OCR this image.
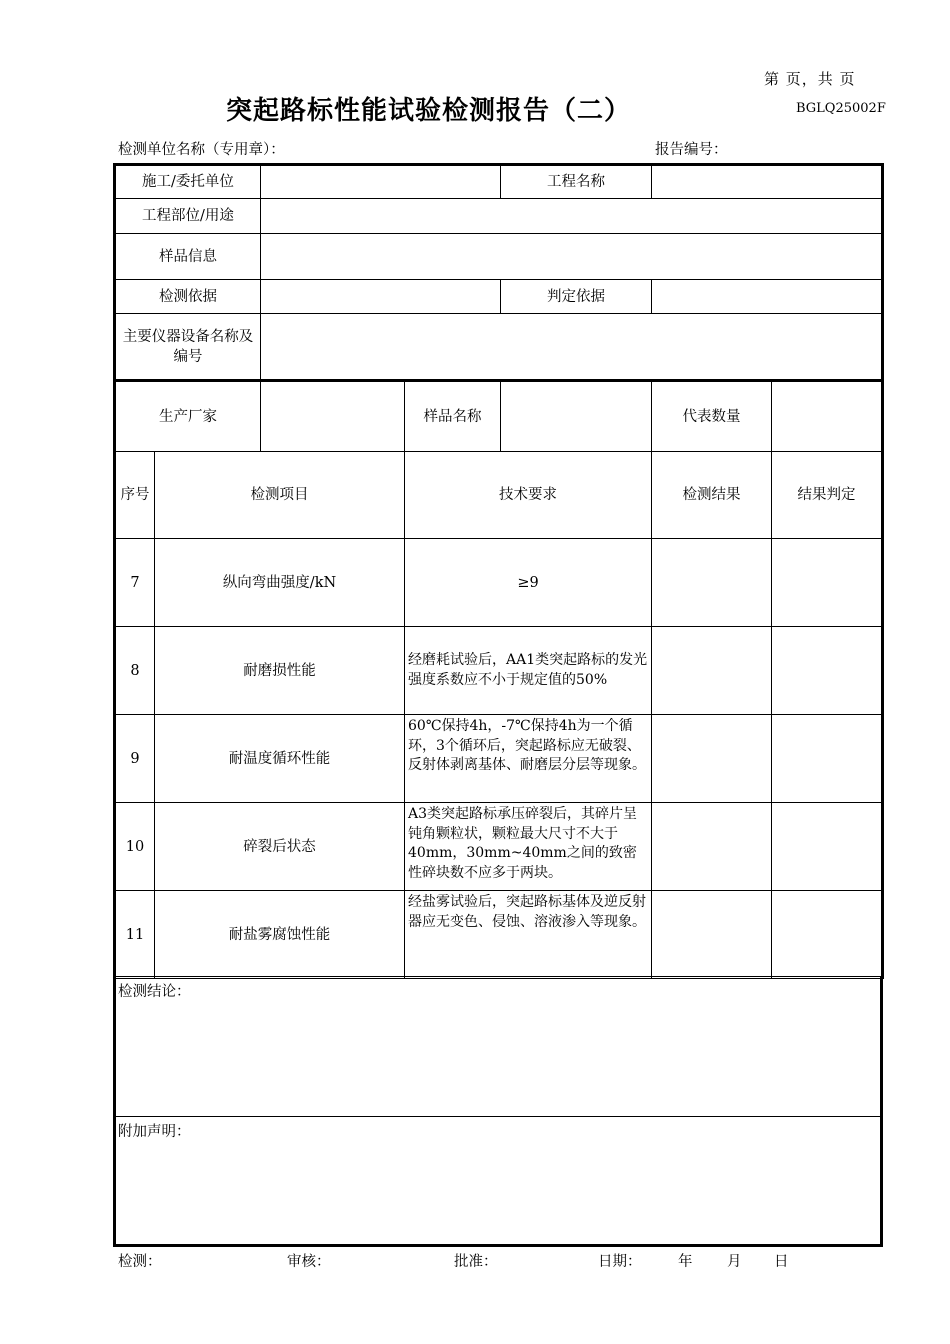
第 页，共 页
突起路标性能试验检测报告（二）	BGLQ25002F
检测单位名称（专用章）：	报告编号：
施工/委托单位		工程名称	
工程部位/用途			
样品信息			
检测依据		判定依据	
主要仪器设备名称及编号			
生产厂家			样品名称		代表数量	
序号	检测项目		技术要求		检测结果	结果判定
7	纵向弯曲强度/kN		≥9			
8	耐磨损性能		经磨耗试验后，AA1类突起路标的发光强度系数应不小于规定值的50%			
9	耐温度循环性能		60℃保持4h，-7℃保持4h为一个循环，3个循环后，突起路标应无破裂、反射体剥离基体、耐磨层分层等现象。			
10	碎裂后状态		A3类突起路标承压碎裂后，其碎片呈钝角颗粒状，颗粒最大尺寸不大于40mm，30mm~40mm之间的致密性碎块数不应多于两块。			
11	耐盐雾腐蚀性能		经盐雾试验后，突起路标基体及逆反射器应无变色、侵蚀、溶液渗入等现象。			
检测结论：
附加声明：
检测：	审核：	批准：	日期：	年 月 日
